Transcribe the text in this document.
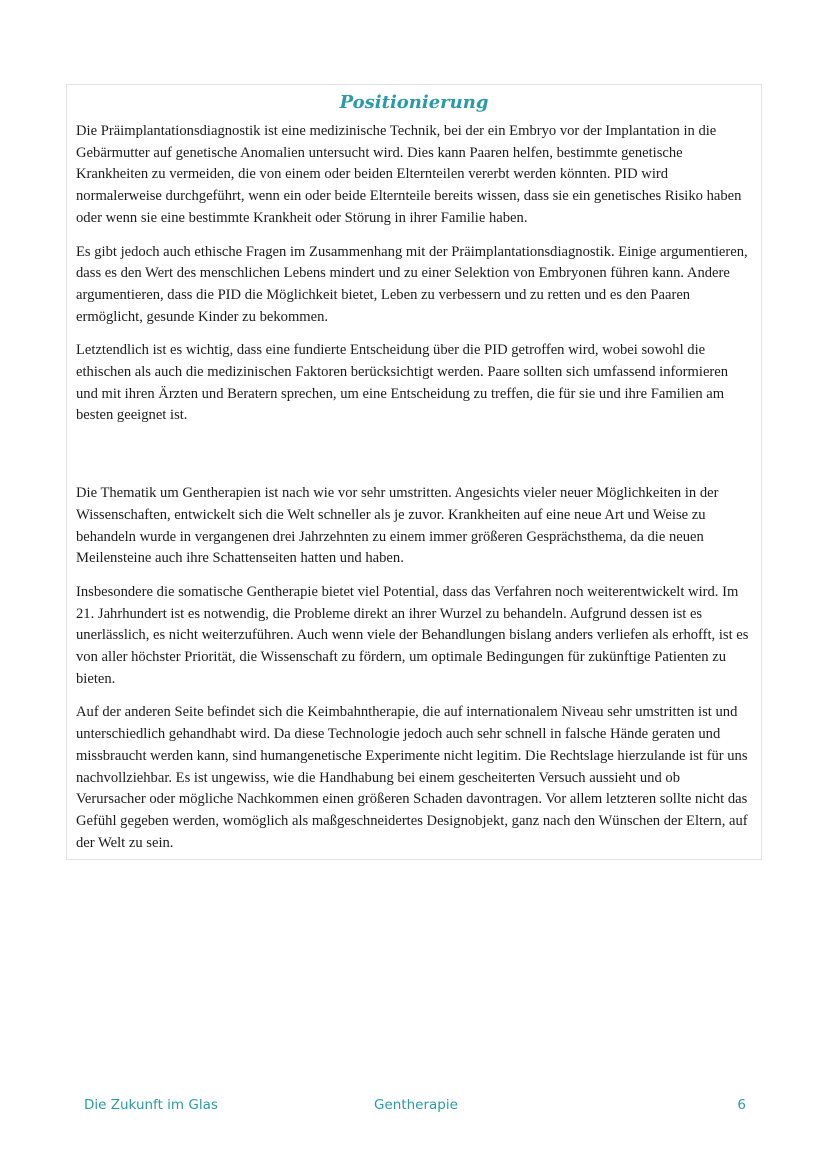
Positionierung

Die Präimplantationsdiagnostik ist eine medizinische Technik, bei der ein Embryo vor der Implantation in die Gebärmutter auf genetische Anomalien untersucht wird. Dies kann Paaren helfen, bestimmte genetische Krankheiten zu vermeiden, die von einem oder beiden Elternteilen vererbt werden könnten. PID wird normalerweise durchgeführt, wenn ein oder beide Elternteile bereits wissen, dass sie ein genetisches Risiko haben oder wenn sie eine bestimmte Krankheit oder Störung in ihrer Familie haben.

Es gibt jedoch auch ethische Fragen im Zusammenhang mit der Präimplantationsdiagnostik. Einige argumentieren, dass es den Wert des menschlichen Lebens mindert und zu einer Selektion von Embryonen führen kann. Andere argumentieren, dass die PID die Möglichkeit bietet, Leben zu verbessern und zu retten und es den Paaren ermöglicht, gesunde Kinder zu bekommen.

Letztendlich ist es wichtig, dass eine fundierte Entscheidung über die PID getroffen wird, wobei sowohl die ethischen als auch die medizinischen Faktoren berücksichtigt werden. Paare sollten sich umfassend informieren und mit ihren Ärzten und Beratern sprechen, um eine Entscheidung zu treffen, die für sie und ihre Familien am besten geeignet ist.

Die Thematik um Gentherapien ist nach wie vor sehr umstritten. Angesichts vieler neuer Möglichkeiten in der Wissenschaften, entwickelt sich die Welt schneller als je zuvor. Krankheiten auf eine neue Art und Weise zu behandeln wurde in vergangenen drei Jahrzehnten zu einem immer größeren Gesprächsthema, da die neuen Meilensteine auch ihre Schattenseiten hatten und haben.

Insbesondere die somatische Gentherapie bietet viel Potential, dass das Verfahren noch weiterentwickelt wird. Im 21. Jahrhundert ist es notwendig, die Probleme direkt an ihrer Wurzel zu behandeln. Aufgrund dessen ist es unerlässlich, es nicht weiterzuführen. Auch wenn viele der Behandlungen bislang anders verliefen als erhofft, ist es von aller höchster Priorität, die Wissenschaft zu fördern, um optimale Bedingungen für zukünftige Patienten zu bieten.

Auf der anderen Seite befindet sich die Keimbahntherapie, die auf internationalem Niveau sehr umstritten ist und unterschiedlich gehandhabt wird. Da diese Technologie jedoch auch sehr schnell in falsche Hände geraten und missbraucht werden kann, sind humangenetische Experimente nicht legitim. Die Rechtslage hierzulande ist für uns nachvollziehbar. Es ist ungewiss, wie die Handhabung bei einem gescheiterten Versuch aussieht und ob Verursacher oder mögliche Nachkommen einen größeren Schaden davontragen. Vor allem letzteren sollte nicht das Gefühl gegeben werden, womöglich als maßgeschneidertes Designobjekt, ganz nach den Wünschen der Eltern, auf der Welt zu sein.

Die Zukunft im Glas	Gentherapie	6
